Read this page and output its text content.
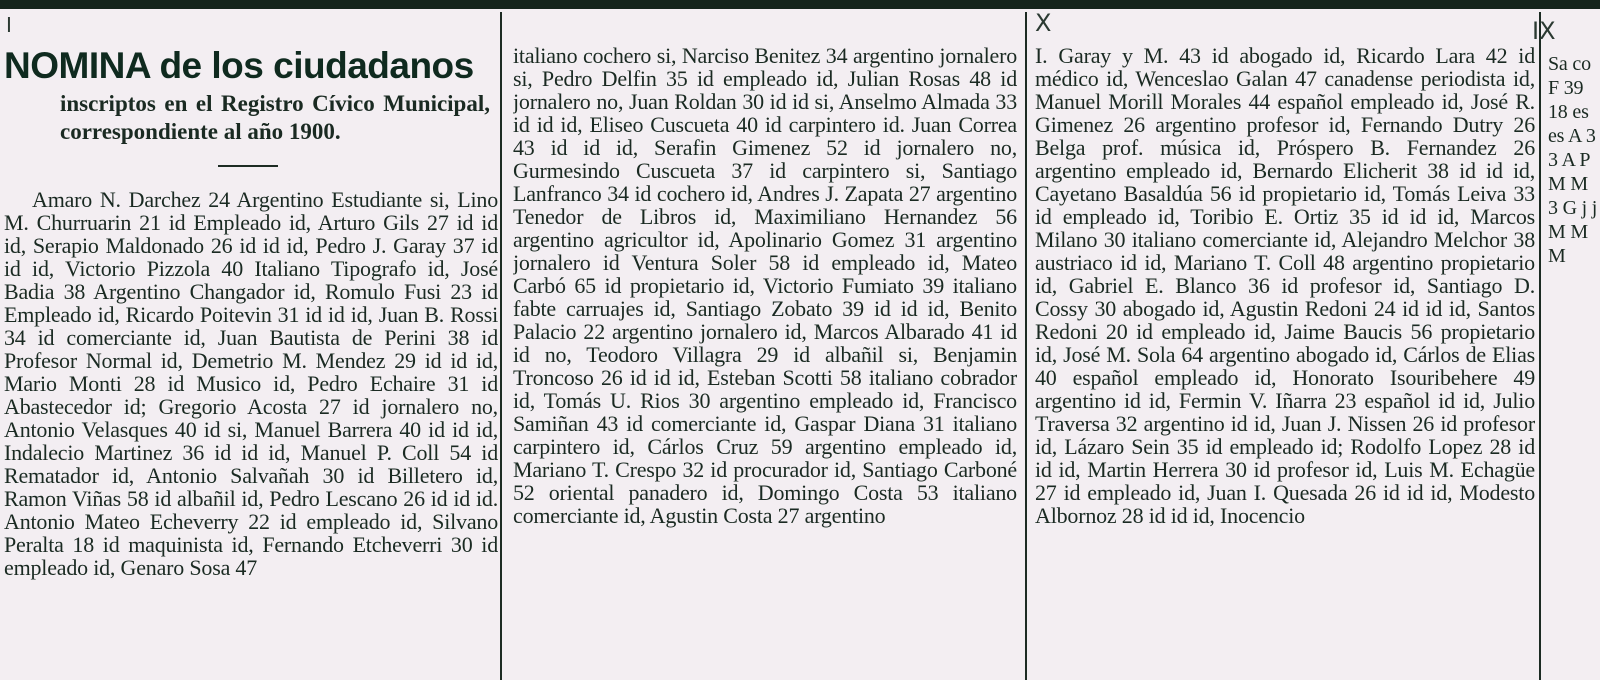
I	X	IX
NOMINA de los ciudadanos
inscriptos en el Registro Cívico Municipal, correspondiente al año 1900.

Amaro N. Darchez 24 Argentino Estudiante si, Lino M. Churruarin 21 id Empleado id, Arturo Gils 27 id id id, Serapio Maldonado 26 id id id, Pedro J. Garay 37 id id id, Victorio Pizzola 40 Italiano Tipografo id, José Badia 38 Argentino Changador id, Romulo Fusi 23 id Empleado id, Ricardo Poitevin 31 id id id, Juan B. Rossi 34 id comerciante id, Juan Bautista de Perini 38 id Profesor Normal id, Demetrio M. Mendez 29 id id id, Mario Monti 28 id Musico id, Pedro Echaire 31 id Abastecedor id; Gregorio Acosta 27 id jornalero no, Antonio Velasques 40 id si, Manuel Barrera 40 id id id, Indalecio Martinez 36 id id id, Manuel P. Coll 54 id Rematador id, Antonio Salvañah 30 id Billetero id, Ramon Viñas 58 id albañil id, Pedro Lescano 26 id id id. Antonio Mateo Echeverry 22 id empleado id, Silvano Peralta 18 id maquinista id, Fernando Etcheverri 30 id empleado id, Genaro Sosa 47

italiano cochero si, Narciso Benitez 34 argentino jornalero si, Pedro Delfin 35 id empleado id, Julian Rosas 48 id jornalero no, Juan Roldan 30 id id si, Anselmo Almada 33 id id id, Eliseo Cuscueta 40 id carpintero id. Juan Correa 43 id id id, Serafin Gimenez 52 id jornalero no, Gurmesindo Cuscueta 37 id carpintero si, Santiago Lanfranco 34 id cochero id, Andres J. Zapata 27 argentino Tenedor de Libros id, Maximiliano Hernandez 56 argentino agricultor id, Apolinario Gomez 31 argentino jornalero id Ventura Soler 58 id empleado id, Mateo Carbó 65 id propietario id, Victorio Fumiato 39 italiano fabte carruajes id, Santiago Zobato 39 id id id, Benito Palacio 22 argentino jornalero id, Marcos Albarado 41 id id no, Teodoro Villagra 29 id albañil si, Benjamin Troncoso 26 id id id, Esteban Scotti 58 italiano cobrador id, Tomás U. Rios 30 argentino empleado id, Francisco Samiñan 43 id comerciante id, Gaspar Diana 31 italiano carpintero id, Cárlos Cruz 59 argentino empleado id, Mariano T. Crespo 32 id procurador id, Santiago Carboné 52 oriental panadero id, Domingo Costa 53 italiano comerciante id, Agustin Costa 27 argentino

I. Garay y M. 43 id abogado id, Ricardo Lara 42 id médico id, Wenceslao Galan 47 canadense periodista id, Manuel Morill Morales 44 español empleado id, José R. Gimenez 26 argentino profesor id, Fernando Dutry 26 Belga prof. música id, Próspero B. Fernandez 26 argentino empleado id, Bernardo Elicherit 38 id id id, Cayetano Basaldúa 56 id propietario id, Tomás Leiva 33 id empleado id, Toribio E. Ortiz 35 id id id, Marcos Milano 30 italiano comerciante id, Alejandro Melchor 38 austriaco id id, Mariano T. Coll 48 argentino propietario id, Gabriel E. Blanco 36 id profesor id, Santiago D. Cossy 30 abogado id, Agustin Redoni 24 id id id, Santos Redoni 20 id empleado id, Jaime Baucis 56 propietario id, José M. Sola 64 argentino abogado id, Cárlos de Elias 40 español empleado id, Honorato Isouribehere 49 argentino id id, Fermin V. Iñarra 23 español id id, Julio Traversa 32 argentino id id, Juan J. Nissen 26 id profesor id, Lázaro Sein 35 id empleado id; Rodolfo Lopez 28 id id id, Martin Herrera 30 id profesor id, Luis M. Echagüe 27 id empleado id, Juan I. Quesada 26 id id id, Modesto Albornoz 28 id id id, Inocencio

Sa co F 39 18 es es A 3 3 A P M M 3 G j j M M M
